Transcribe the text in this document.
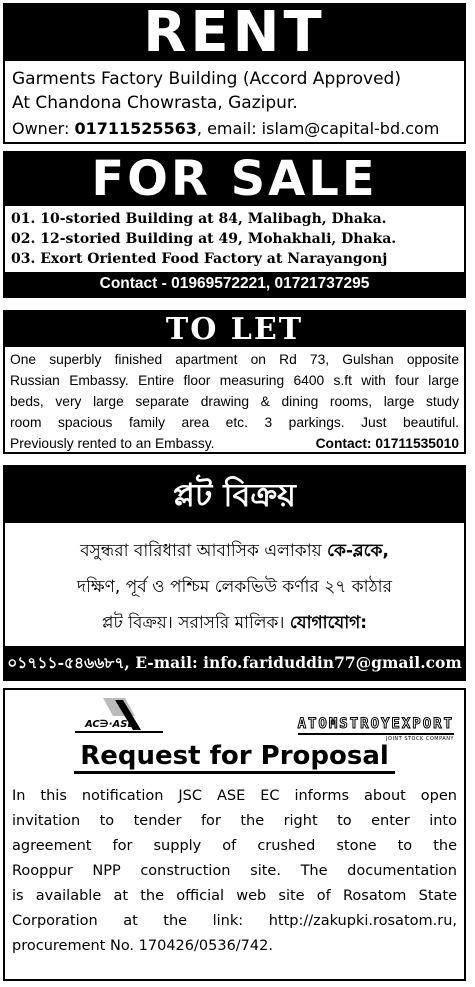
RENT
Garments Factory Building (Accord Approved)
At Chandona Chowrasta, Gazipur.
Owner: 01711525563, email: islam@capital-bd.com
FOR SALE
01. 10-storied Building at 84, Malibagh, Dhaka.
02. 12-storied Building at 49, Mohakhali, Dhaka.
03. Exort Oriented Food Factory at Narayangonj
Contact - 01969572221, 01721737295
TO LET
One superbly finished apartment on Rd 73, Gulshan opposite
Russian Embassy. Entire floor measuring 6400 s.ft with four large
beds, very large separate drawing & dining rooms, large study
room spacious family area etc. 3 parkings. Just beautiful.
Previously rented to an Embassy.	Contact: 01711535010
প্লট বিক্রয়
বসুন্ধরা বারিধারা আবাসিক এলাকায় কে-ব্লকে,
দক্ষিণ, পূর্ব ও পশ্চিম লেকভিউ কর্ণার ২৭ কাঠার
প্লট বিক্রয়। সরাসরি মালিক। যোগাযোগ:
০১৭১১-৫৪৬৬৮৭, E-mail: info.fariduddin77@gmail.com
AC∋·ASE	ATOMSTROYEXPORT
JOINT STOCK COMPANY
Request for Proposal
In this notification JSC ASE EC informs about open
invitation to tender for the right to enter into
agreement for supply of crushed stone to the
Rooppur NPP construction site. The documentation
is available at the official web site of Rosatom State
Corporation at the link: http://zakupki.rosatom.ru,
procurement No. 170426/0536/742.
